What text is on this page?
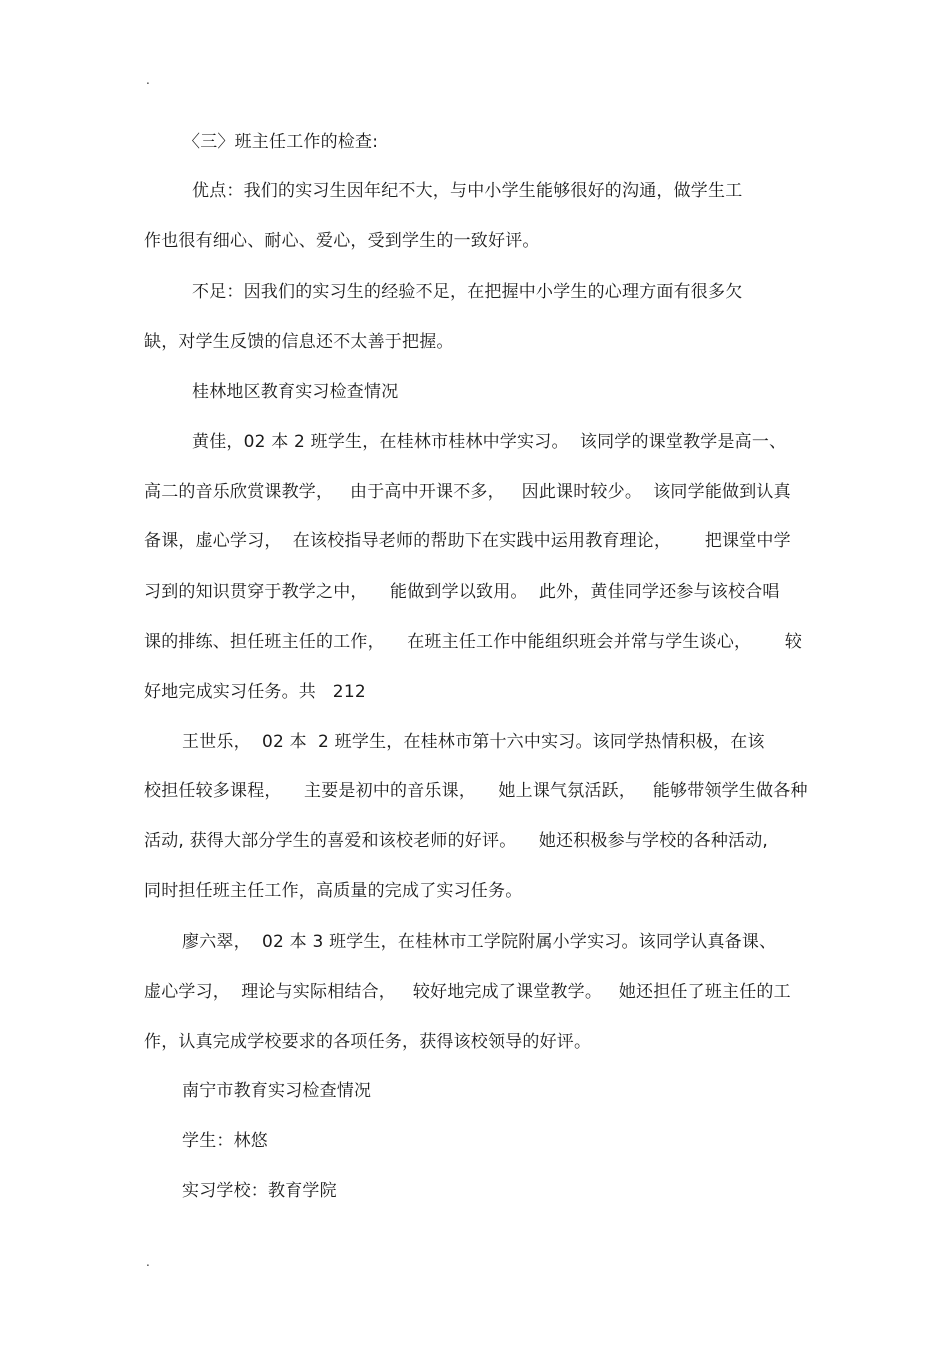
.
〈三〉班主任工作的检查:
优点：我们的实习生因年纪不大，与中小学生能够很好的沟通，做学生工
作也很有细心、耐心、爱心，受到学生的一致好评。
不足：因我们的实习生的经验不足，在把握中小学生的心理方面有很多欠
缺，对学生反馈的信息还不太善于把握。
桂林地区教育实习检查情况
黄佳，02 本 2 班学生，在桂林市桂林中学实习。  该同学的课堂教学是高一、
高二的音乐欣赏课教学，   由于高中开课不多，   因此课时较少。  该同学能做到认真
备课，虚心学习，  在该校指导老师的帮助下在实践中运用教育理论，      把课堂中学
习到的知识贯穿于教学之中，    能做到学以致用。  此外，黄佳同学还参与该校合唱
课的排练、担任班主任的工作，    在班主任工作中能组织班会并常与学生谈心，      较
好地完成实习任务。共   212
王世乐，  02 本  2 班学生，在桂林市第十六中实习。该同学热情积极，在该
校担任较多课程，    主要是初中的音乐课，    她上课气氛活跃，   能够带领学生做各种
活动, 获得大部分学生的喜爱和该校老师的好评。    她还积极参与学校的各种活动,
同时担任班主任工作，高质量的完成了实习任务。
廖六翠，  02 本 3 班学生，在桂林市工学院附属小学实习。该同学认真备课、
虚心学习，  理论与实际相结合，   较好地完成了课堂教学。   她还担任了班主任的工
作，认真完成学校要求的各项任务，获得该校领导的好评。
南宁市教育实习检查情况
学生：林悠
实习学校：教育学院
.
